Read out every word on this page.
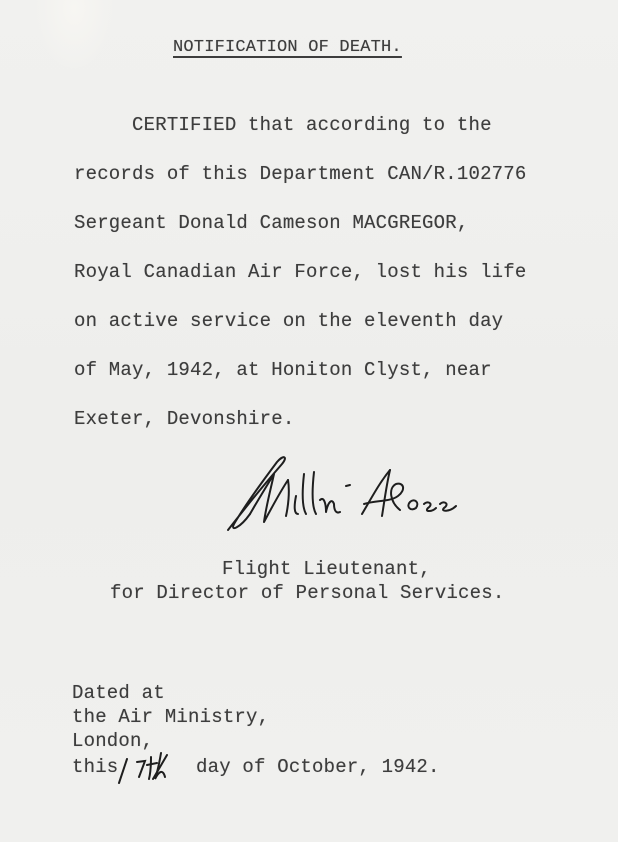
NOTIFICATION OF DEATH.
CERTIFIED that according to the
records of this Department CAN/R.102776
Sergeant Donald Cameson MACGREGOR,
Royal Canadian Air Force, lost his life
on active service on the eleventh day
of May, 1942, at Honiton Clyst, near
Exeter, Devonshire.
Flight Lieutenant,
for Director of Personal Services.
Dated at
the Air Ministry,
London,
this	day of October, 1942.
